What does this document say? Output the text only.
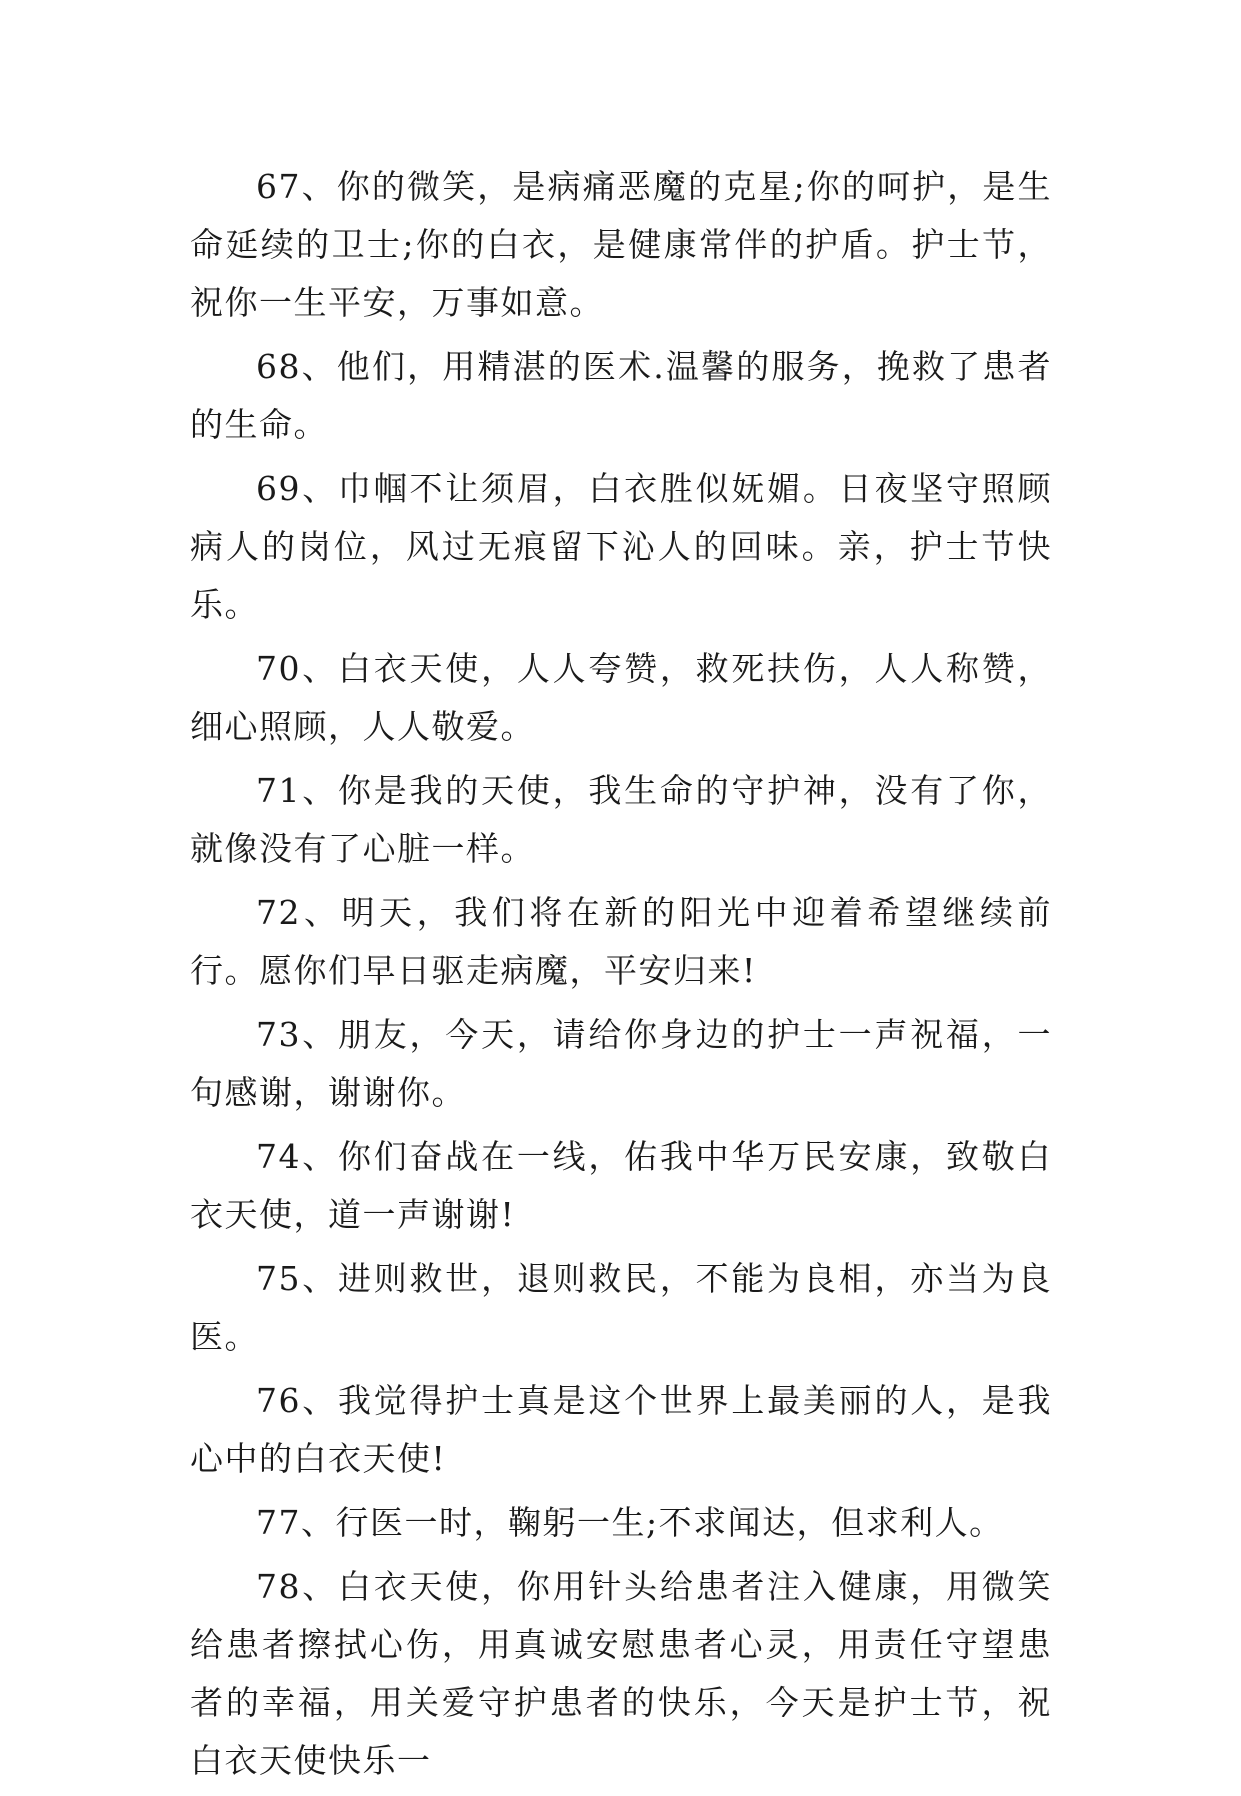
67、你的微笑，是病痛恶魔的克星;你的呵护，是生命延续的卫士;你的白衣，是健康常伴的护盾。护士节，祝你一生平安，万事如意。

68、他们，用精湛的医术.温馨的服务，挽救了患者的生命。

69、巾帼不让须眉，白衣胜似妩媚。日夜坚守照顾病人的岗位，风过无痕留下沁人的回味。亲，护士节快乐。

70、白衣天使，人人夸赞，救死扶伤，人人称赞，细心照顾，人人敬爱。

71、你是我的天使，我生命的守护神，没有了你，就像没有了心脏一样。

72、明天，我们将在新的阳光中迎着希望继续前行。愿你们早日驱走病魔，平安归来!

73、朋友，今天，请给你身边的护士一声祝福，一句感谢，谢谢你。

74、你们奋战在一线，佑我中华万民安康，致敬白衣天使，道一声谢谢!

75、进则救世，退则救民，不能为良相，亦当为良医。

76、我觉得护士真是这个世界上最美丽的人，是我心中的白衣天使!

77、行医一时，鞠躬一生;不求闻达，但求利人。

78、白衣天使，你用针头给患者注入健康，用微笑给患者擦拭心伤，用真诚安慰患者心灵，用责任守望患者的幸福，用关爱守护患者的快乐，今天是护士节，祝白衣天使快乐一
